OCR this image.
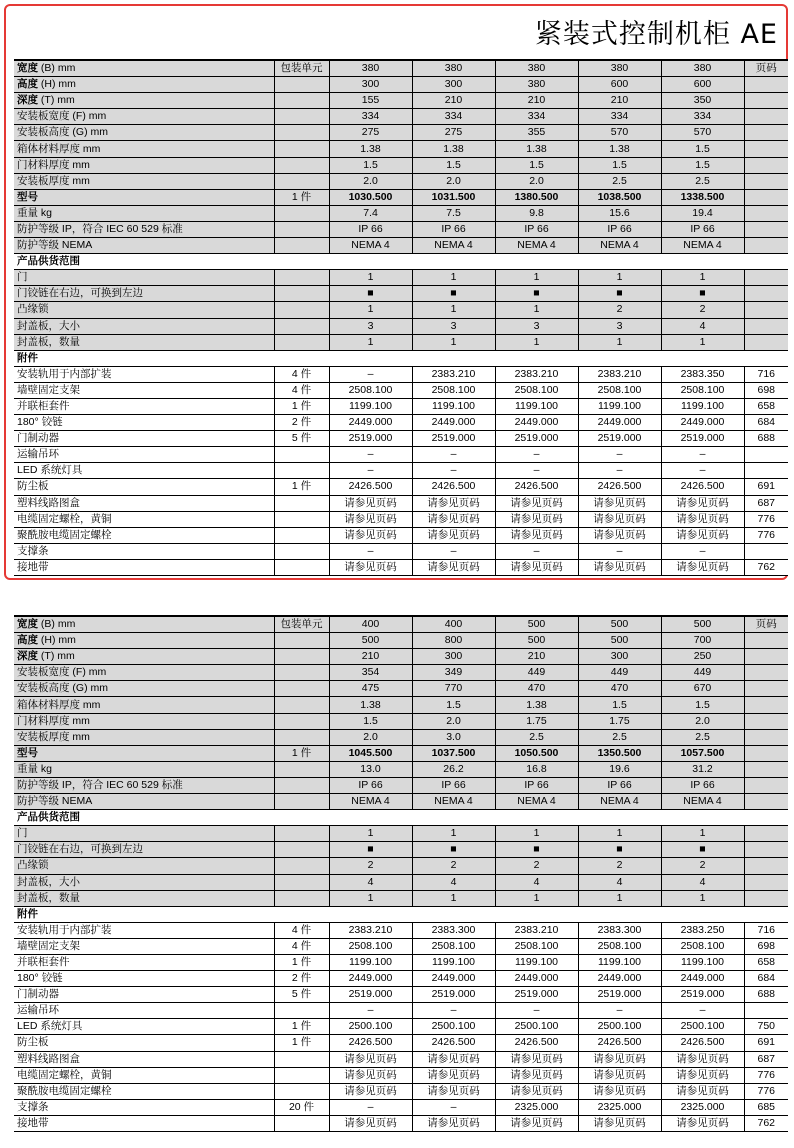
紧装式控制机柜 AE
宽度 (B) mm	包装单元	380	380	380	380	380	页码
高度 (H) mm		300	300	380	600	600	
深度 (T) mm		155	210	210	210	350	
安装板宽度 (F) mm		334	334	334	334	334	
安装板高度 (G) mm		275	275	355	570	570	
箱体材料厚度 mm		1.38	1.38	1.38	1.38	1.5	
门材料厚度 mm		1.5	1.5	1.5	1.5	1.5	
安装板厚度 mm		2.0	2.0	2.0	2.5	2.5	
型号	1 件	1030.500	1031.500	1380.500	1038.500	1338.500	
重量 kg		7.4	7.5	9.8	15.6	19.4	
防护等级 IP，符合 IEC 60 529 标准		IP 66	IP 66	IP 66	IP 66	IP 66	
防护等级 NEMA		NEMA 4	NEMA 4	NEMA 4	NEMA 4	NEMA 4	
产品供货范围							
门		1	1	1	1	1	
门铰链在右边，可换到左边		■	■	■	■	■	
凸缘锁		1	1	1	2	2	
封盖板，大小		3	3	3	3	4	
封盖板，数量		1	1	1	1	1	
附件							
安装轨用于内部扩装	4 件	–	2383.210	2383.210	2383.210	2383.350	716
墙壁固定支架	4 件	2508.100	2508.100	2508.100	2508.100	2508.100	698
并联柜套件	1 件	1199.100	1199.100	1199.100	1199.100	1199.100	658
180° 铰链	2 件	2449.000	2449.000	2449.000	2449.000	2449.000	684
门制动器	5 件	2519.000	2519.000	2519.000	2519.000	2519.000	688
运输吊环		–	–	–	–	–	
LED 系统灯具		–	–	–	–	–	
防尘板	1 件	2426.500	2426.500	2426.500	2426.500	2426.500	691
塑料线路图盒		请参见页码	请参见页码	请参见页码	请参见页码	请参见页码	687
电缆固定螺栓，黄铜		请参见页码	请参见页码	请参见页码	请参见页码	请参见页码	776
聚酰胺电缆固定螺栓		请参见页码	请参见页码	请参见页码	请参见页码	请参见页码	776
支撑条		–	–	–	–	–	
接地带		请参见页码	请参见页码	请参见页码	请参见页码	请参见页码	762
宽度 (B) mm	包装单元	400	400	500	500	500	页码
高度 (H) mm		500	800	500	500	700	
深度 (T) mm		210	300	210	300	250	
安装板宽度 (F) mm		354	349	449	449	449	
安装板高度 (G) mm		475	770	470	470	670	
箱体材料厚度 mm		1.38	1.5	1.38	1.5	1.5	
门材料厚度 mm		1.5	2.0	1.75	1.75	2.0	
安装板厚度 mm		2.0	3.0	2.5	2.5	2.5	
型号	1 件	1045.500	1037.500	1050.500	1350.500	1057.500	
重量 kg		13.0	26.2	16.8	19.6	31.2	
防护等级 IP，符合 IEC 60 529 标准		IP 66	IP 66	IP 66	IP 66	IP 66	
防护等级 NEMA		NEMA 4	NEMA 4	NEMA 4	NEMA 4	NEMA 4	
产品供货范围							
门		1	1	1	1	1	
门铰链在右边，可换到左边		■	■	■	■	■	
凸缘锁		2	2	2	2	2	
封盖板，大小		4	4	4	4	4	
封盖板，数量		1	1	1	1	1	
附件							
安装轨用于内部扩装	4 件	2383.210	2383.300	2383.210	2383.300	2383.250	716
墙壁固定支架	4 件	2508.100	2508.100	2508.100	2508.100	2508.100	698
并联柜套件	1 件	1199.100	1199.100	1199.100	1199.100	1199.100	658
180° 铰链	2 件	2449.000	2449.000	2449.000	2449.000	2449.000	684
门制动器	5 件	2519.000	2519.000	2519.000	2519.000	2519.000	688
运输吊环		–	–	–	–	–	
LED 系统灯具	1 件	2500.100	2500.100	2500.100	2500.100	2500.100	750
防尘板	1 件	2426.500	2426.500	2426.500	2426.500	2426.500	691
塑料线路图盒		请参见页码	请参见页码	请参见页码	请参见页码	请参见页码	687
电缆固定螺栓，黄铜		请参见页码	请参见页码	请参见页码	请参见页码	请参见页码	776
聚酰胺电缆固定螺栓		请参见页码	请参见页码	请参见页码	请参见页码	请参见页码	776
支撑条	20 件	–	–	2325.000	2325.000	2325.000	685
接地带		请参见页码	请参见页码	请参见页码	请参见页码	请参见页码	762
